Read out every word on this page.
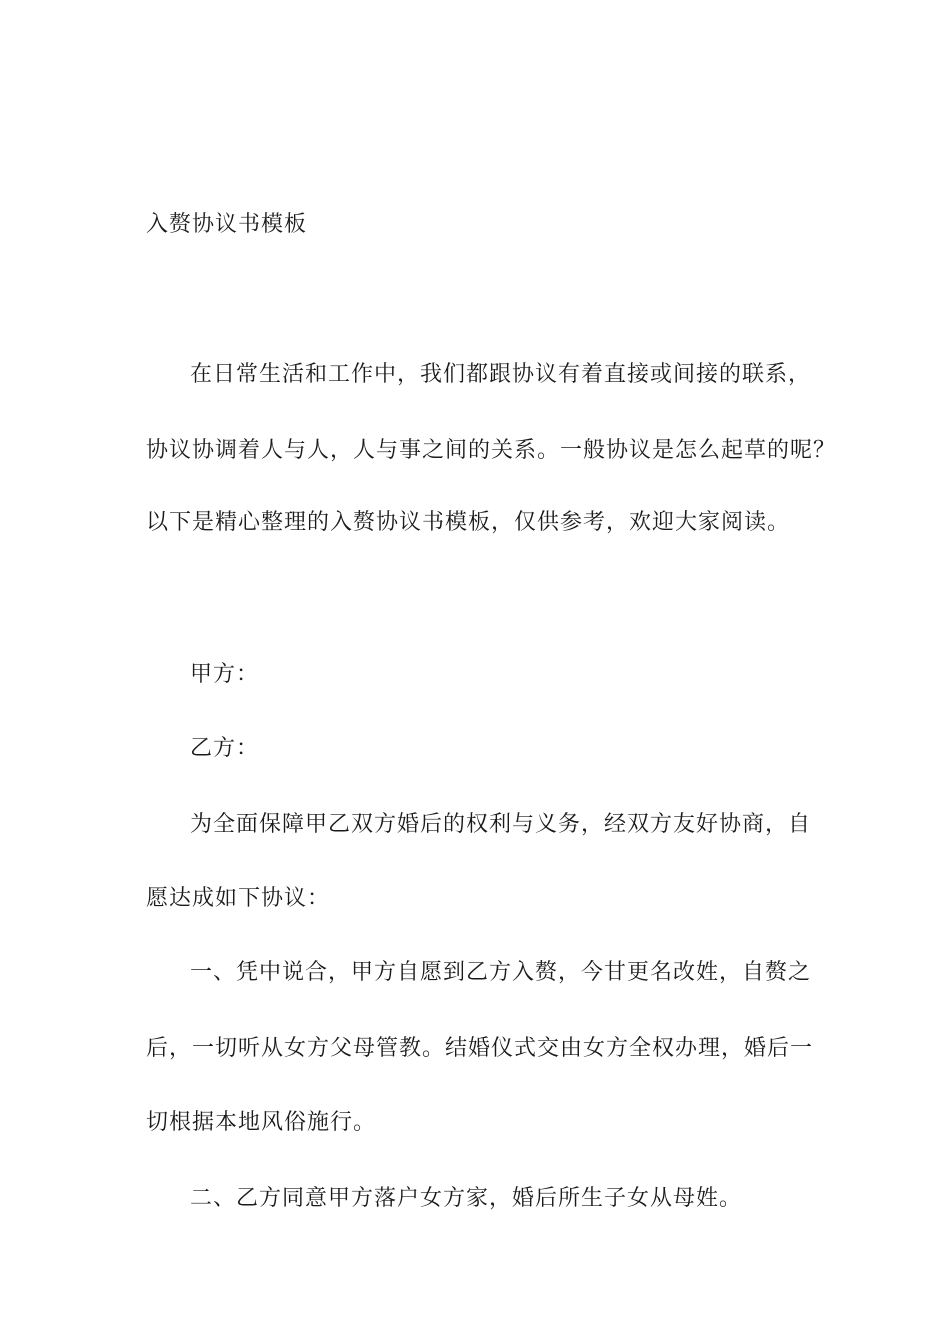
入赘协议书模板
在日常生活和工作中，我们都跟协议有着直接或间接的联系，
协议协调着人与人，人与事之间的关系。一般协议是怎么起草的呢？
以下是精心整理的入赘协议书模板，仅供参考，欢迎大家阅读。
甲方：
乙方：
为全面保障甲乙双方婚后的权利与义务，经双方友好协商，自
愿达成如下协议：
一、凭中说合，甲方自愿到乙方入赘，今甘更名改姓，自赘之
后，一切听从女方父母管教。结婚仪式交由女方全权办理，婚后一
切根据本地风俗施行。
二、乙方同意甲方落户女方家，婚后所生子女从母姓。
